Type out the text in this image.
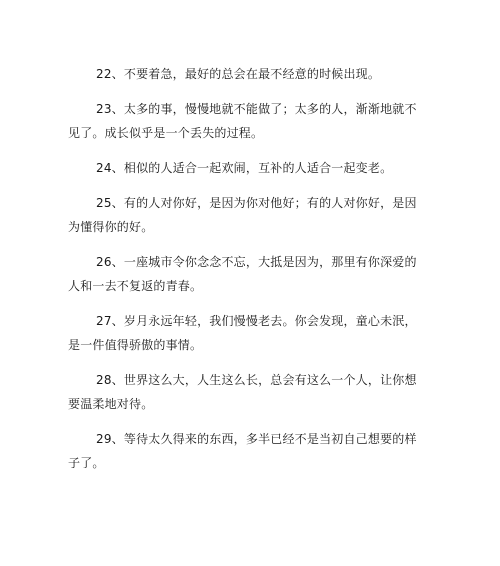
22、不要着急，最好的总会在最不经意的时候出现。

23、太多的事，慢慢地就不能做了；太多的人，渐渐地就不见了。成长似乎是一个丢失的过程。

24、相似的人适合一起欢闹，互补的人适合一起变老。

25、有的人对你好，是因为你对他好；有的人对你好，是因为懂得你的好。

26、一座城市令你念念不忘，大抵是因为，那里有你深爱的人和一去不复返的青春。

27、岁月永远年轻，我们慢慢老去。你会发现，童心未泯，是一件值得骄傲的事情。

28、世界这么大，人生这么长，总会有这么一个人，让你想要温柔地对待。

29、等待太久得来的东西，多半已经不是当初自己想要的样子了。
